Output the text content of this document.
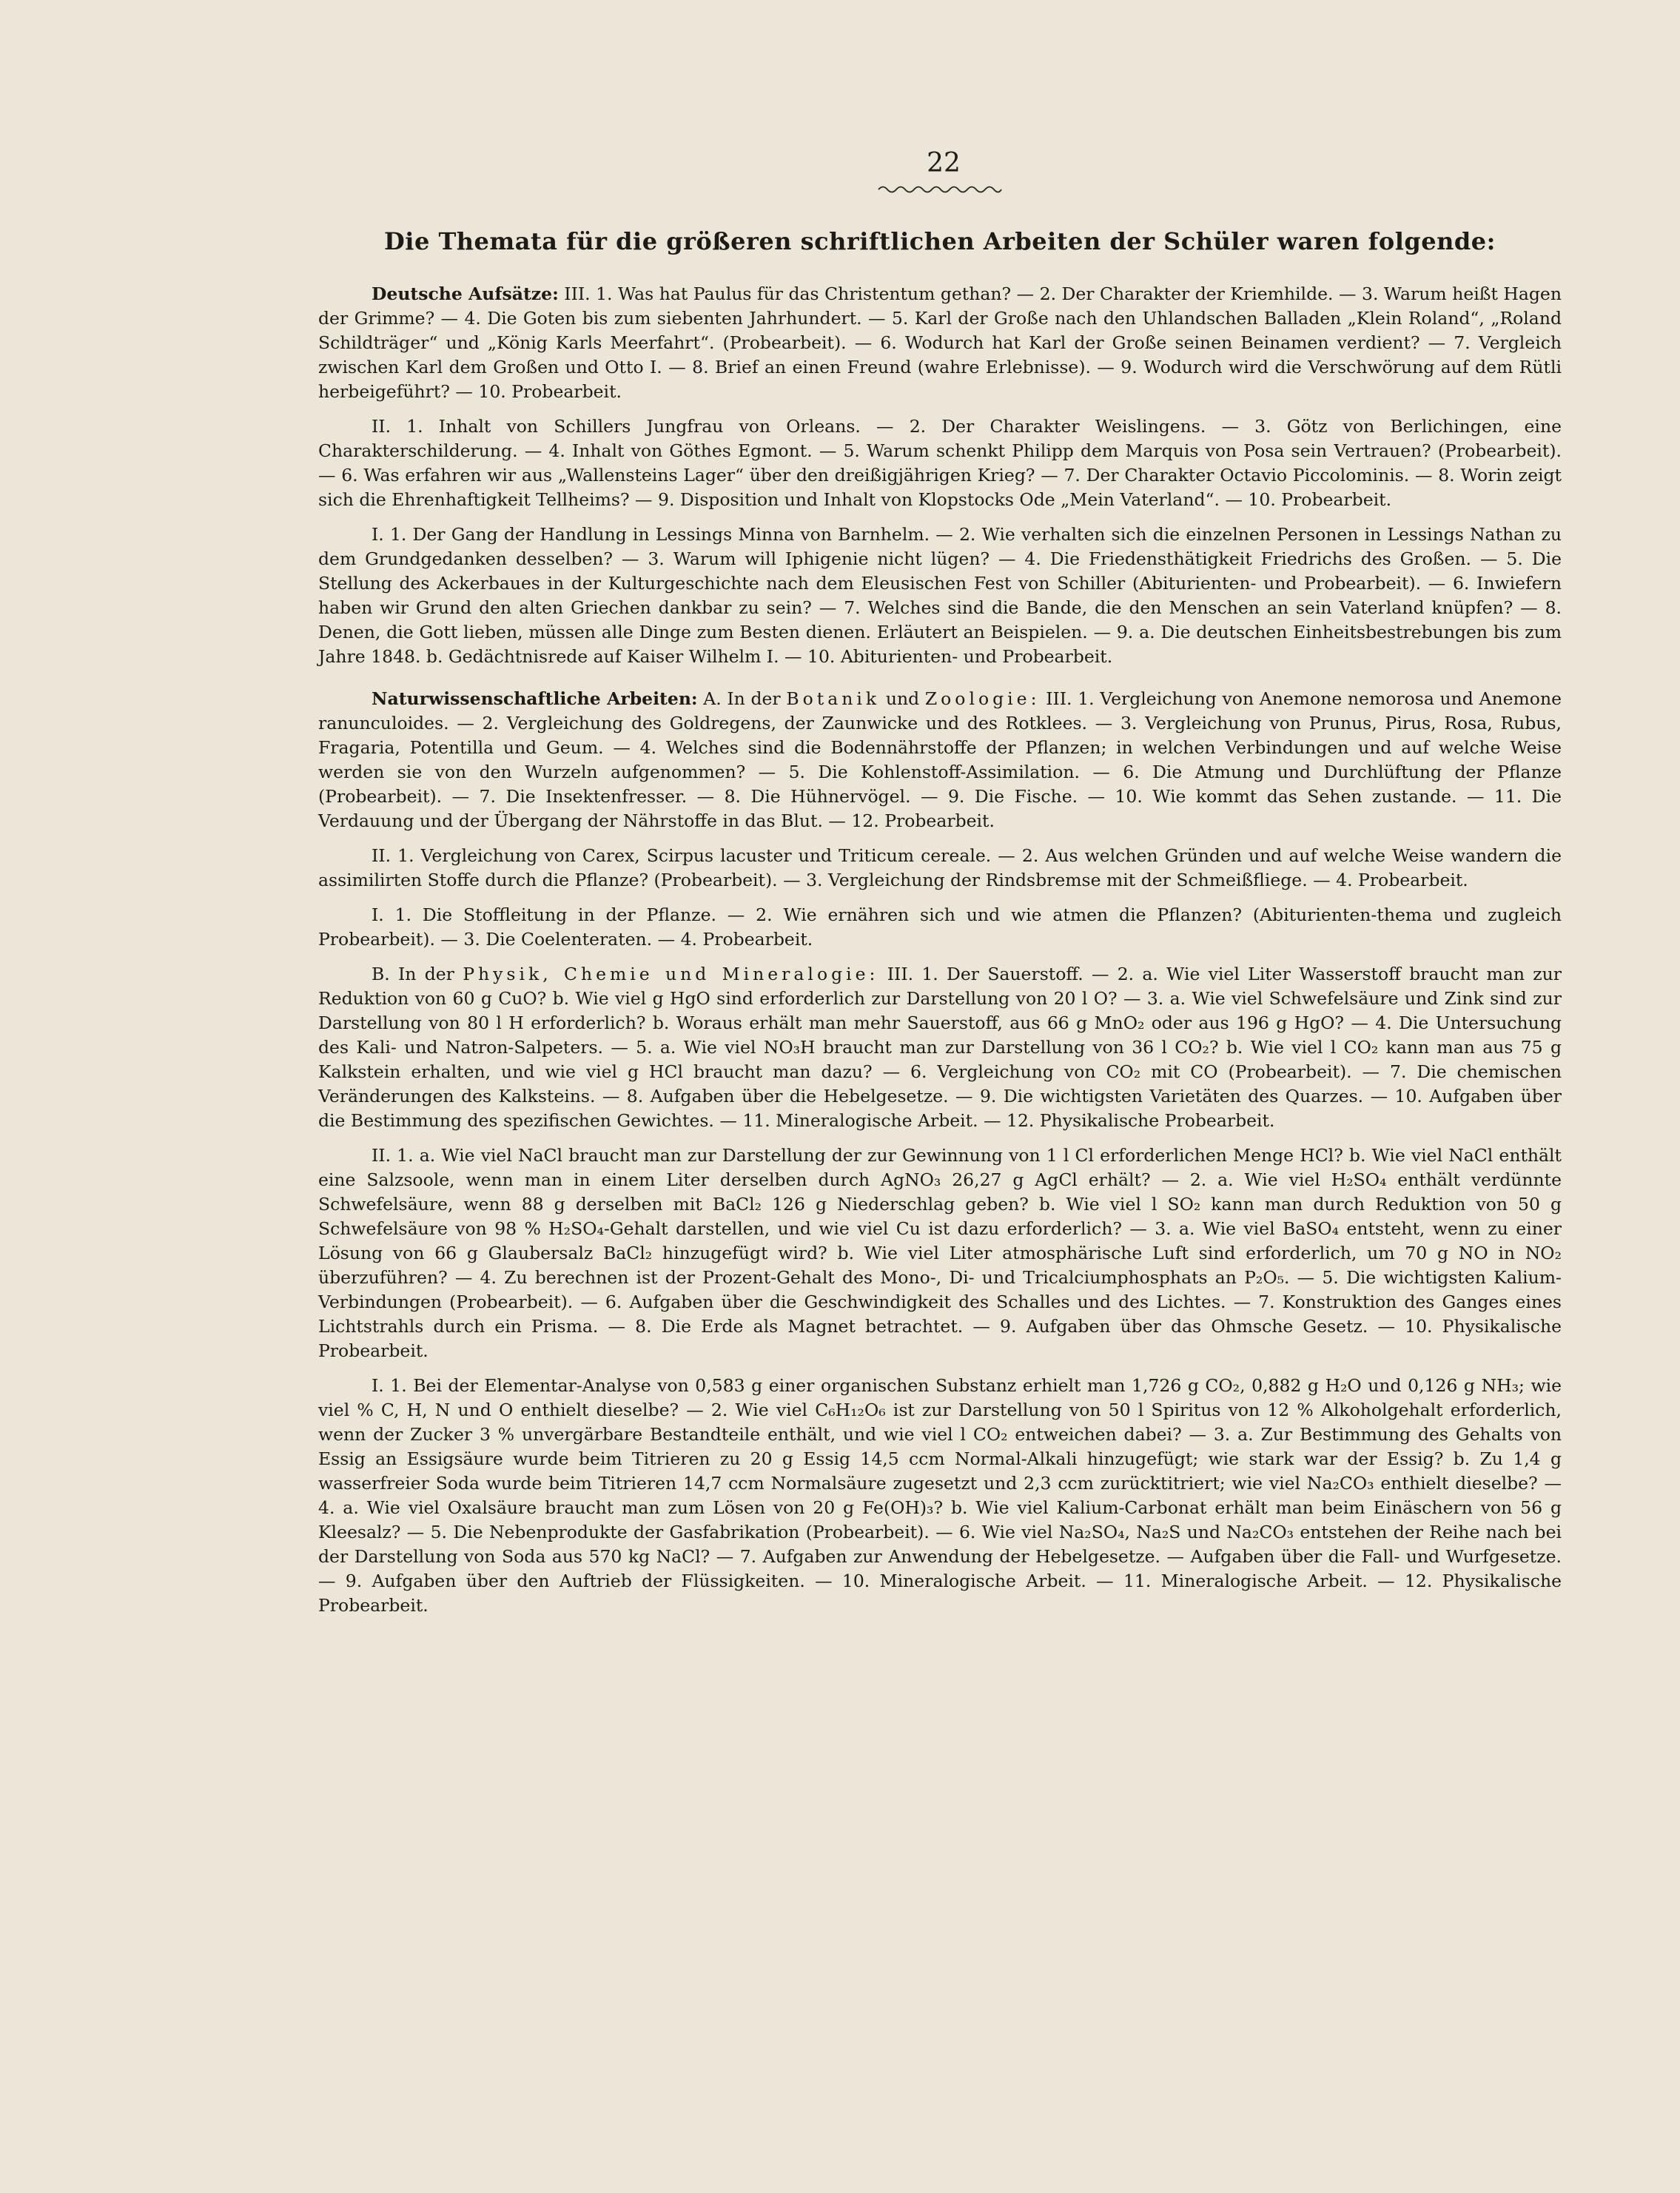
22
Die Themata für die größeren schriftlichen Arbeiten der Schüler waren folgende:

Deutsche Aufsätze: III. 1. Was hat Paulus für das Christentum gethan? — 2. Der Charakter der Kriemhilde. — 3. Warum heißt Hagen der Grimme? — 4. Die Goten bis zum siebenten Jahrhundert. — 5. Karl der Große nach den Uhlandschen Balladen „Klein Roland“, „Roland Schildträger“ und „König Karls Meerfahrt“. (Probearbeit). — 6. Wodurch hat Karl der Große seinen Beinamen verdient? — 7. Vergleich zwischen Karl dem Großen und Otto I. — 8. Brief an einen Freund (wahre Erlebnisse). — 9. Wodurch wird die Verschwörung auf dem Rütli herbeigeführt? — 10. Probearbeit.

II. 1. Inhalt von Schillers Jungfrau von Orleans. — 2. Der Charakter Weislingens. — 3. Götz von Berlichingen, eine Charakterschilderung. — 4. Inhalt von Göthes Egmont. — 5. Warum schenkt Philipp dem Marquis von Posa sein Vertrauen? (Probearbeit). — 6. Was erfahren wir aus „Wallensteins Lager“ über den dreißigjährigen Krieg? — 7. Der Charakter Octavio Piccolominis. — 8. Worin zeigt sich die Ehrenhaftigkeit Tellheims? — 9. Disposition und Inhalt von Klopstocks Ode „Mein Vaterland“. — 10. Probearbeit.

I. 1. Der Gang der Handlung in Lessings Minna von Barnhelm. — 2. Wie verhalten sich die einzelnen Personen in Lessings Nathan zu dem Grundgedanken desselben? — 3. Warum will Iphigenie nicht lügen? — 4. Die Friedensthätigkeit Friedrichs des Großen. — 5. Die Stellung des Ackerbaues in der Kulturgeschichte nach dem Eleusischen Fest von Schiller (Abiturienten- und Probearbeit). — 6. Inwiefern haben wir Grund den alten Griechen dankbar zu sein? — 7. Welches sind die Bande, die den Menschen an sein Vaterland knüpfen? — 8. Denen, die Gott lieben, müssen alle Dinge zum Besten dienen. Erläutert an Beispielen. — 9. a. Die deutschen Einheitsbestrebungen bis zum Jahre 1848. b. Gedächtnisrede auf Kaiser Wilhelm I. — 10. Abiturienten- und Probearbeit.

Naturwissenschaftliche Arbeiten: A. In der Botanik und Zoologie: III. 1. Vergleichung von Anemone nemorosa und Anemone ranunculoides. — 2. Vergleichung des Goldregens, der Zaunwicke und des Rotklees. — 3. Vergleichung von Prunus, Pirus, Rosa, Rubus, Fragaria, Potentilla und Geum. — 4. Welches sind die Bodennährstoffe der Pflanzen; in welchen Verbindungen und auf welche Weise werden sie von den Wurzeln aufgenommen? — 5. Die Kohlenstoff-Assimilation. — 6. Die Atmung und Durchlüftung der Pflanze (Probearbeit). — 7. Die Insektenfresser. — 8. Die Hühnervögel. — 9. Die Fische. — 10. Wie kommt das Sehen zustande. — 11. Die Verdauung und der Übergang der Nährstoffe in das Blut. — 12. Probearbeit.

II. 1. Vergleichung von Carex, Scirpus lacuster und Triticum cereale. — 2. Aus welchen Gründen und auf welche Weise wandern die assimilirten Stoffe durch die Pflanze? (Probearbeit). — 3. Vergleichung der Rindsbremse mit der Schmeißfliege. — 4. Probearbeit.

I. 1. Die Stoffleitung in der Pflanze. — 2. Wie ernähren sich und wie atmen die Pflanzen? (Abiturienten-thema und zugleich Probearbeit). — 3. Die Coelenteraten. — 4. Probearbeit.

B. In der Physik, Chemie und Mineralogie: III. 1. Der Sauerstoff. — 2. a. Wie viel Liter Wasserstoff braucht man zur Reduktion von 60 g CuO? b. Wie viel g HgO sind erforderlich zur Darstellung von 20 l O? — 3. a. Wie viel Schwefelsäure und Zink sind zur Darstellung von 80 l H erforderlich? b. Woraus erhält man mehr Sauerstoff, aus 66 g MnO₂ oder aus 196 g HgO? — 4. Die Untersuchung des Kali- und Natron-Salpeters. — 5. a. Wie viel NO₃H braucht man zur Darstellung von 36 l CO₂? b. Wie viel l CO₂ kann man aus 75 g Kalkstein erhalten, und wie viel g HCl braucht man dazu? — 6. Vergleichung von CO₂ mit CO (Probearbeit). — 7. Die chemischen Veränderungen des Kalksteins. — 8. Aufgaben über die Hebelgesetze. — 9. Die wichtigsten Varietäten des Quarzes. — 10. Aufgaben über die Bestimmung des spezifischen Gewichtes. — 11. Mineralogische Arbeit. — 12. Physikalische Probearbeit.

II. 1. a. Wie viel NaCl braucht man zur Darstellung der zur Gewinnung von 1 l Cl erforderlichen Menge HCl? b. Wie viel NaCl enthält eine Salzsoole, wenn man in einem Liter derselben durch AgNO₃ 26,27 g AgCl erhält? — 2. a. Wie viel H₂SO₄ enthält verdünnte Schwefelsäure, wenn 88 g derselben mit BaCl₂ 126 g Niederschlag geben? b. Wie viel l SO₂ kann man durch Reduktion von 50 g Schwefelsäure von 98 % H₂SO₄-Gehalt darstellen, und wie viel Cu ist dazu erforderlich? — 3. a. Wie viel BaSO₄ entsteht, wenn zu einer Lösung von 66 g Glaubersalz BaCl₂ hinzugefügt wird? b. Wie viel Liter atmosphärische Luft sind erforderlich, um 70 g NO in NO₂ überzuführen? — 4. Zu berechnen ist der Prozent-Gehalt des Mono-, Di- und Tricalciumphosphats an P₂O₅. — 5. Die wichtigsten Kalium-Verbindungen (Probearbeit). — 6. Aufgaben über die Geschwindigkeit des Schalles und des Lichtes. — 7. Konstruktion des Ganges eines Lichtstrahls durch ein Prisma. — 8. Die Erde als Magnet betrachtet. — 9. Aufgaben über das Ohmsche Gesetz. — 10. Physikalische Probearbeit.

I. 1. Bei der Elementar-Analyse von 0,583 g einer organischen Substanz erhielt man 1,726 g CO₂, 0,882 g H₂O und 0,126 g NH₃; wie viel % C, H, N und O enthielt dieselbe? — 2. Wie viel C₆H₁₂O₆ ist zur Darstellung von 50 l Spiritus von 12 % Alkoholgehalt erforderlich, wenn der Zucker 3 % unvergärbare Bestandteile enthält, und wie viel l CO₂ entweichen dabei? — 3. a. Zur Bestimmung des Gehalts von Essig an Essigsäure wurde beim Titrieren zu 20 g Essig 14,5 ccm Normal-Alkali hinzugefügt; wie stark war der Essig? b. Zu 1,4 g wasserfreier Soda wurde beim Titrieren 14,7 ccm Normalsäure zugesetzt und 2,3 ccm zurücktitriert; wie viel Na₂CO₃ enthielt dieselbe? — 4. a. Wie viel Oxalsäure braucht man zum Lösen von 20 g Fe(OH)₃? b. Wie viel Kalium-Carbonat erhält man beim Einäschern von 56 g Kleesalz? — 5. Die Nebenprodukte der Gasfabrikation (Probearbeit). — 6. Wie viel Na₂SO₄, Na₂S und Na₂CO₃ entstehen der Reihe nach bei der Darstellung von Soda aus 570 kg NaCl? — 7. Aufgaben zur Anwendung der Hebelgesetze. — Aufgaben über die Fall- und Wurfgesetze. — 9. Aufgaben über den Auftrieb der Flüssigkeiten. — 10. Mineralogische Arbeit. — 11. Mineralogische Arbeit. — 12. Physikalische Probearbeit.
